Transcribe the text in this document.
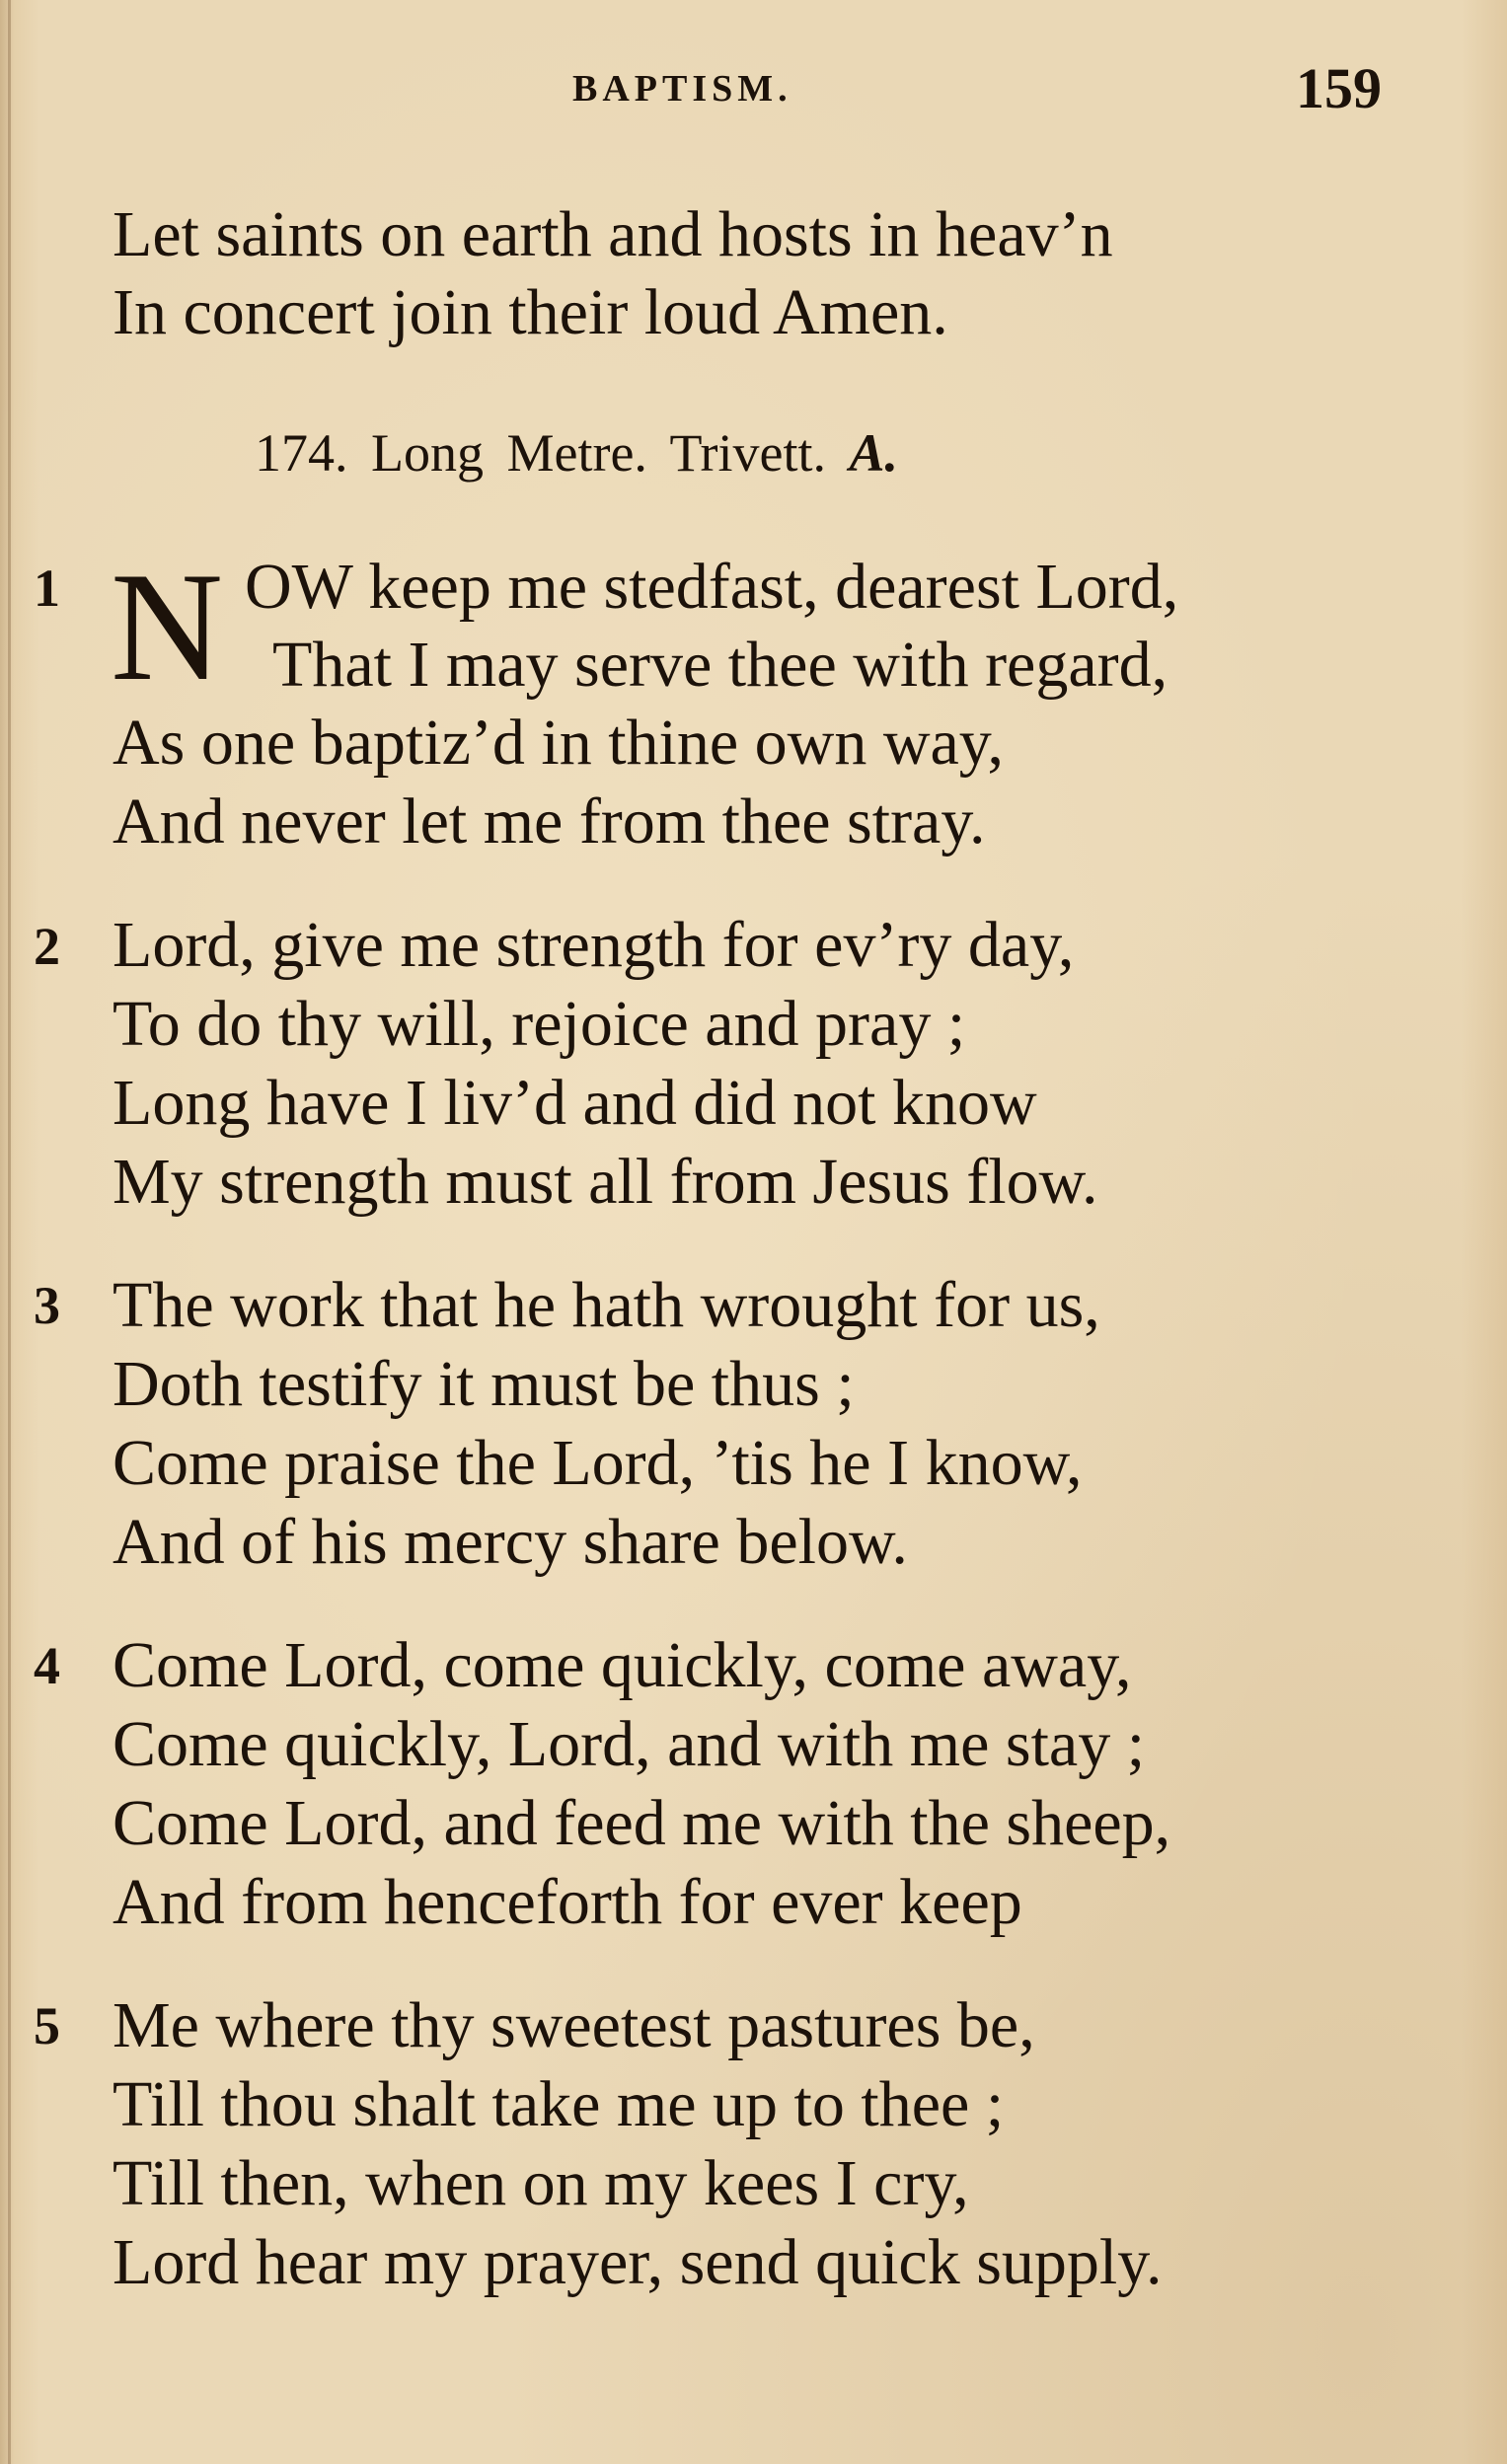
BAPTISM.	159
Let saints on earth and hosts in heav’n
In concert join their loud Amen.
174. Long Metre. Trivett. A.
1 N OW keep me stedfast, dearest Lord,
That I may serve thee with regard,
As one baptiz’d in thine own way,
And never let me from thee stray.
2 Lord, give me strength for ev’ry day,
To do thy will, rejoice and pray ;
Long have I liv’d and did not know
My strength must all from Jesus flow.
3 The work that he hath wrought for us,
Doth testify it must be thus ;
Come praise the Lord, ’tis he I know,
And of his mercy share below.
4 Come Lord, come quickly, come away,
Come quickly, Lord, and with me stay ;
Come Lord, and feed me with the sheep,
And from henceforth for ever keep
5 Me where thy sweetest pastures be,
Till thou shalt take me up to thee ;
Till then, when on my kees I cry,
Lord hear my prayer, send quick supply.
